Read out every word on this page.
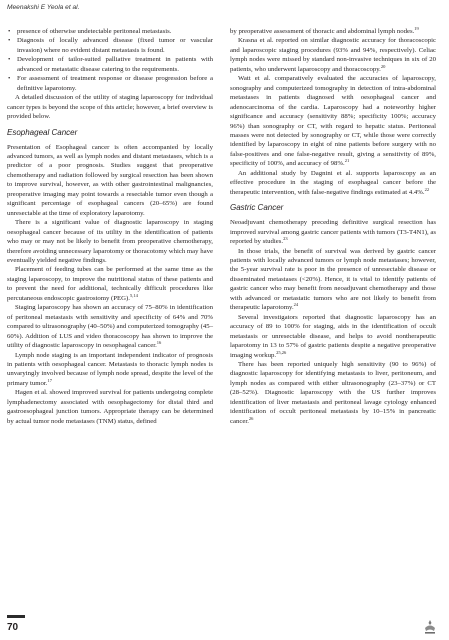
Meenakshi E Yeola et al.
• presence of otherwise undetectable peritoneal metastasis.
• Diagnosis of locally advanced disease (fixed tumor or vascular invasion) where no evident distant metastasis is found.
• Development of tailor-suited palliative treatment in patients with advanced or metastatic disease catering to the requirements.
• For assessment of treatment response or disease progression before a definitive laparotomy.

A detailed discussion of the utility of staging laparoscopy for individual cancer types is beyond the scope of this article; however, a brief overview is provided below.

Esophageal Cancer

Presentation of Esophageal cancer is often accompanied by locally advanced tumors, as well as lymph nodes and distant metastases, which is a predictor of a poor prognosis. Studies suggest that preoperative chemotherapy and radiation followed by surgical resection has been shown to improve survival, however, as with other gastrointestinal malignancies, preoperative imaging may point towards a resectable tumor even though a significant percentage of esophageal cancers (20–65%) are found unresectable at the time of exploratory laparotomy.

There is a significant value of diagnostic laparoscopy in staging oesophageal cancer because of its utility in the identification of patients who may or may not be likely to benefit from preoperative chemotherapy, therefore avoiding unnecessary laparotomy or thoracotomy which may have eventually yielded negative findings.

Placement of feeding tubes can be performed at the same time as the staging laparoscopy, to improve the nutritional status of these patients and to prevent the need for additional, technically difficult procedures like percutaneous endoscopic gastrostomy (PEG).$^{5,14}$

Staging laparoscopy has shown an accuracy of 75–80% in identification of peritoneal metastasis with sensitivity and specificity of 64% and 70% compared to ultrasonography (40–50%) and computerized tomography (45–60%). Addition of LUS and video thoracoscopy has shown to improve the utility of diagnostic laparoscopy in oesophageal cancer.$^{16}$

Lymph node staging is an important independent indicator of prognosis in patients with oesophageal cancer. Metastasis to thoracic lymph nodes is unvaryingly involved because of lymph node spread, despite the level of the primary tumor.$^{17}$

Hagen et al. showed improved survival for patients undergoing complete lymphadenectomy associated with oesophagectomy for distal third and gastroesophageal junction tumors. Appropriate therapy can be determined by actual tumor node metastases (TNM) status, defined

by preoperative assessment of thoracic and abdominal lymph nodes.$^{19}$

Krasna et al. reported on similar diagnostic accuracy for thoracoscopic and laparoscopic staging procedures (93% and 94%, respectively). Celiac lymph nodes were missed by standard non-invasive techniques in six of 20 patients, who underwent laparoscopy and thoracoscopy.$^{20}$

Watt et al. comparatively evaluated the accuracies of laparoscopy, sonography and computerized tomography in detection of intra-abdominal metastases in patients diagnosed with oesophageal cancer and adenocarcinoma of the cardia. Laparoscopy had a noteworthy higher significance and accuracy (sensitivity 88%; specificity 100%; accuracy 96%) than sonography or CT, with regard to hepatic status. Peritoneal masses were not detected by sonography or CT, while those were correctly identified by laparoscopy in eight of nine patients before surgery with no false-positives and one false-negative result, giving a sensitivity of 89%, specificity of 100%, and accuracy of 98%.$^{21}$

An additional study by Dagnini et al. supports laparoscopy as an effective procedure in the staging of esophageal cancer before the therapeutic intervention, with false-negative findings estimated at 4.4%.$^{22}$

Gastric Cancer

Neoadjuvant chemotherapy preceding definitive surgical resection has improved survival among gastric cancer patients with tumors (T3-T4N1), as reported by studies.$^{23}$

In those trials, the benefit of survival was derived by gastric cancer patients with locally advanced tumors or lymph node metastases; however, the 5-year survival rate is poor in the presence of unresectable disease or disseminated metastases (<20%). Hence, it is vital to identify patients of gastric cancer who may benefit from neoadjuvant chemotherapy and those with advanced or metastatic tumors who are not likely to benefit from therapeutic laparotomy.$^{24}$

Several investigators reported that diagnostic laparoscopy has an accuracy of 89 to 100% for staging, aids in the identification of occult metastasis or unresectable disease, and helps to avoid nontherapeutic laparotomy in 13 to 57% of gastric patients despite a negative preoperative imaging workup.$^{25,26}$

There has been reported uniquely high sensitivity (90 to 96%) of diagnostic laparoscopy for identifying metastasis to liver, peritoneum, and lymph nodes as compared with either ultrasonography (23–37%) or CT (28–52%). Diagnostic laparoscopy with the US further improves identification of liver metastasis and peritoneal lavage cytology enhanced identification of occult peritoneal metastasis by 10–15% in pancreatic cancer.$^{26}$

70
